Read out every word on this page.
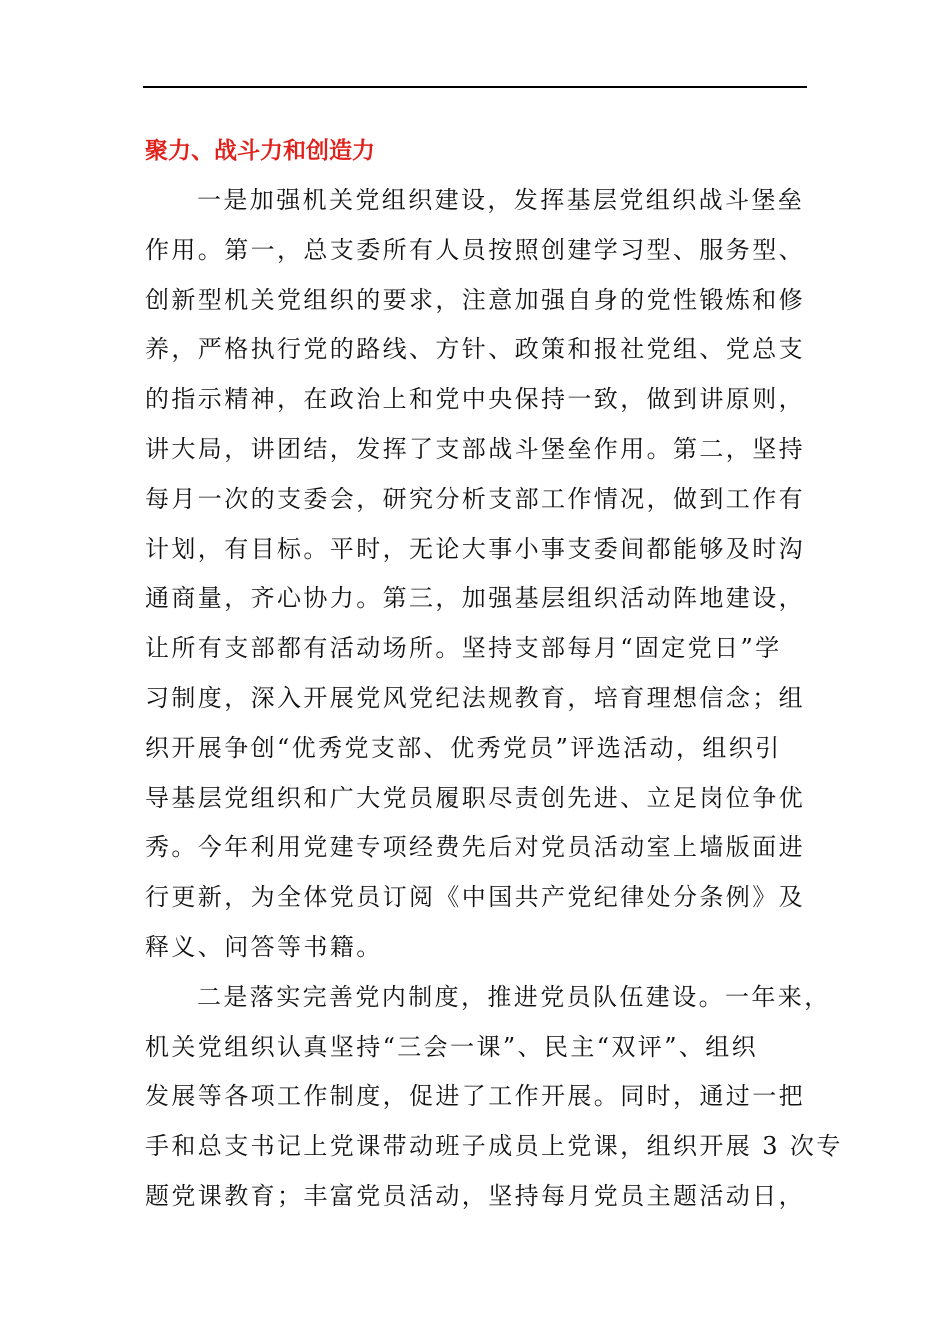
聚力、战斗力和创造力
一是加强机关党组织建设，发挥基层党组织战斗堡垒
作用。第一，总支委所有人员按照创建学习型、服务型、
创新型机关党组织的要求，注意加强自身的党性锻炼和修
养，严格执行党的路线、方针、政策和报社党组、党总支
的指示精神，在政治上和党中央保持一致，做到讲原则，
讲大局，讲团结，发挥了支部战斗堡垒作用。第二，坚持
每月一次的支委会，研究分析支部工作情况，做到工作有
计划，有目标。平时，无论大事小事支委间都能够及时沟
通商量，齐心协力。第三，加强基层组织活动阵地建设，
让所有支部都有活动场所。坚持支部每月“固定党日”学
习制度，深入开展党风党纪法规教育，培育理想信念；组
织开展争创“优秀党支部、优秀党员”评选活动，组织引
导基层党组织和广大党员履职尽责创先进、立足岗位争优
秀。今年利用党建专项经费先后对党员活动室上墙版面进
行更新，为全体党员订阅《中国共产党纪律处分条例》及
释义、问答等书籍。
二是落实完善党内制度，推进党员队伍建设。一年来，
机关党组织认真坚持“三会一课”、民主“双评”、组织
发展等各项工作制度，促进了工作开展。同时，通过一把
手和总支书记上党课带动班子成员上党课，组织开展 3 次专
题党课教育；丰富党员活动，坚持每月党员主题活动日，
